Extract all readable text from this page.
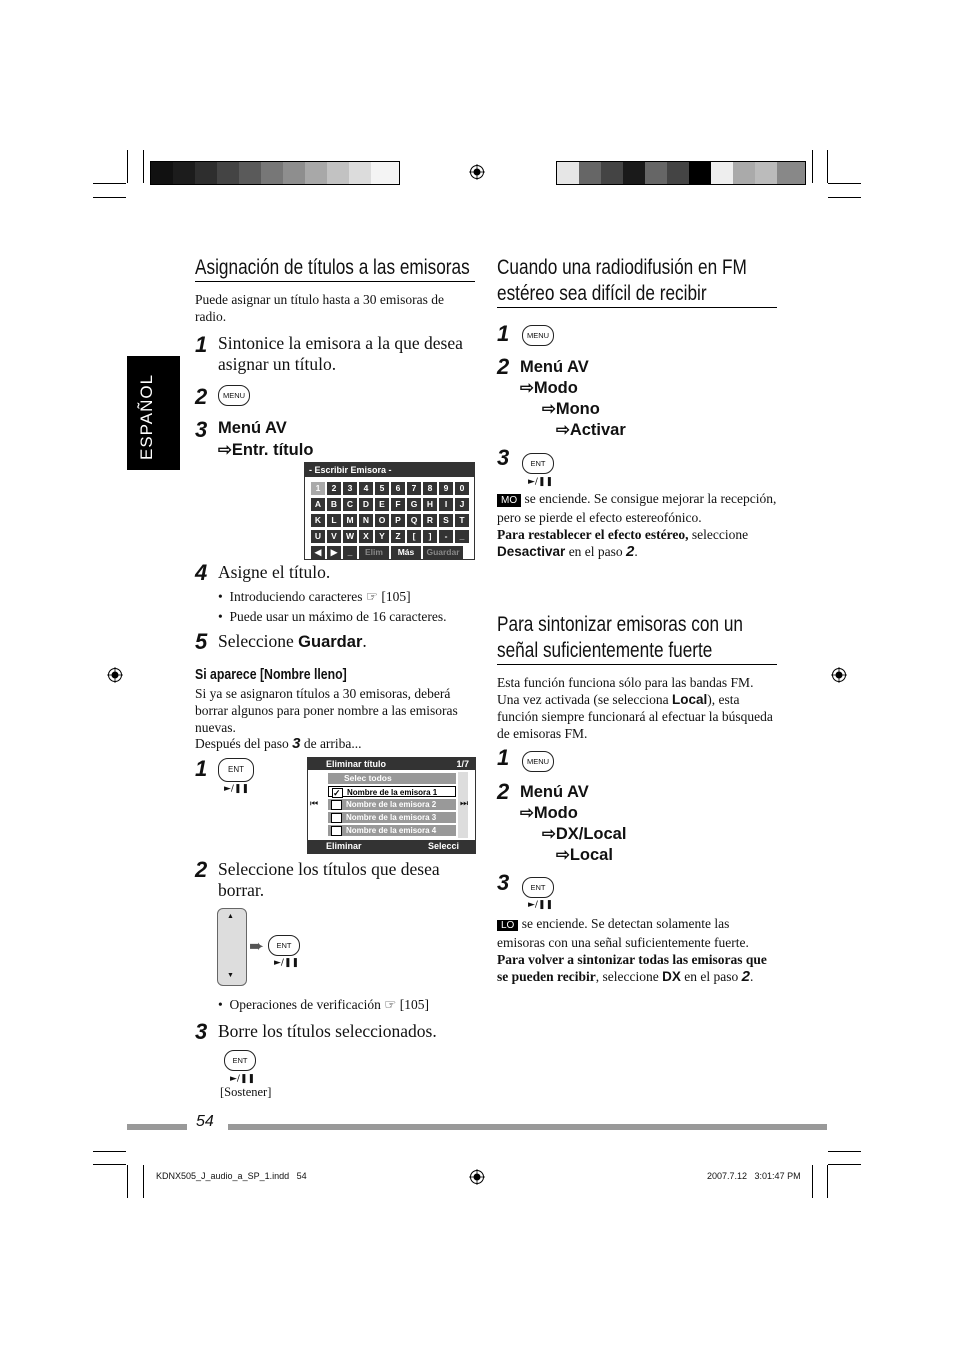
ESPAÑOL
Asignación de títulos a las emisoras
Puede asignar un título hasta a 30 emisoras de radio.
1 Sintonice la emisora a la que desea asignar un título.
2	MENU
3 Menú AV
⇨Entr. título
- Escribir Emisora -
1	2	3	4	5	6	7	8	9	0
A	B	C	D	E	F	G	H	I	J
K	L	M	N	O	P	Q	R	S	T
U	V	W	X	Y	Z	[	]	-	_
◀	▶	_	Elim	Más	Guardar
4 Asigne el título.
•  Introduciendo caracteres ☞ [105]
•  Puede usar un máximo de 16 caracteres.
5 Seleccione Guardar.
Si aparece [Nombre lleno]
Si ya se asignaron títulos a 30 emisoras, deberá borrar algunos para poner nombre a las emisoras nuevas.
Después del paso 3 de arriba...
1	ENT
►/❚❚
Eliminar título	1/7
Selec todos
✓ Nombre de la emisora 1
Nombre de la emisora 2
Nombre de la emisora 3
Nombre de la emisora 4
⏮	⏭
Eliminar	Selecci
2 Seleccione los títulos que desea borrar.
▲
▼
➨	ENT
►/❚❚
•  Operaciones de verificación ☞ [105]
3 Borre los títulos seleccionados.
ENT
►/❚❚
[Sostener]
Cuando una radiodifusión en FM estéreo sea difícil de recibir
1	MENU
2 Menú AV
⇨Modo
⇨Mono
⇨Activar
3	ENT
►/❚❚
MO se enciende. Se consigue mejorar la recepción, pero se pierde el efecto estereofónico.
Para restablecer el efecto estéreo, seleccione Desactivar en el paso 2.
Para sintonizar emisoras con un señal suficientemente fuerte
Esta función funciona sólo para las bandas FM. Una vez activada (se selecciona Local), esta función siempre funcionará al efectuar la búsqueda de emisoras FM.
1	MENU
2 Menú AV
⇨Modo
⇨DX/Local
⇨Local
3	ENT
►/❚❚
LO se enciende. Se detectan solamente las emisoras con una señal suficientemente fuerte.
Para volver a sintonizar todas las emisoras que se pueden recibir, seleccione DX en el paso 2.
54
KDNX505_J_audio_a_SP_1.indd   54	2007.7.12   3:01:47 PM
